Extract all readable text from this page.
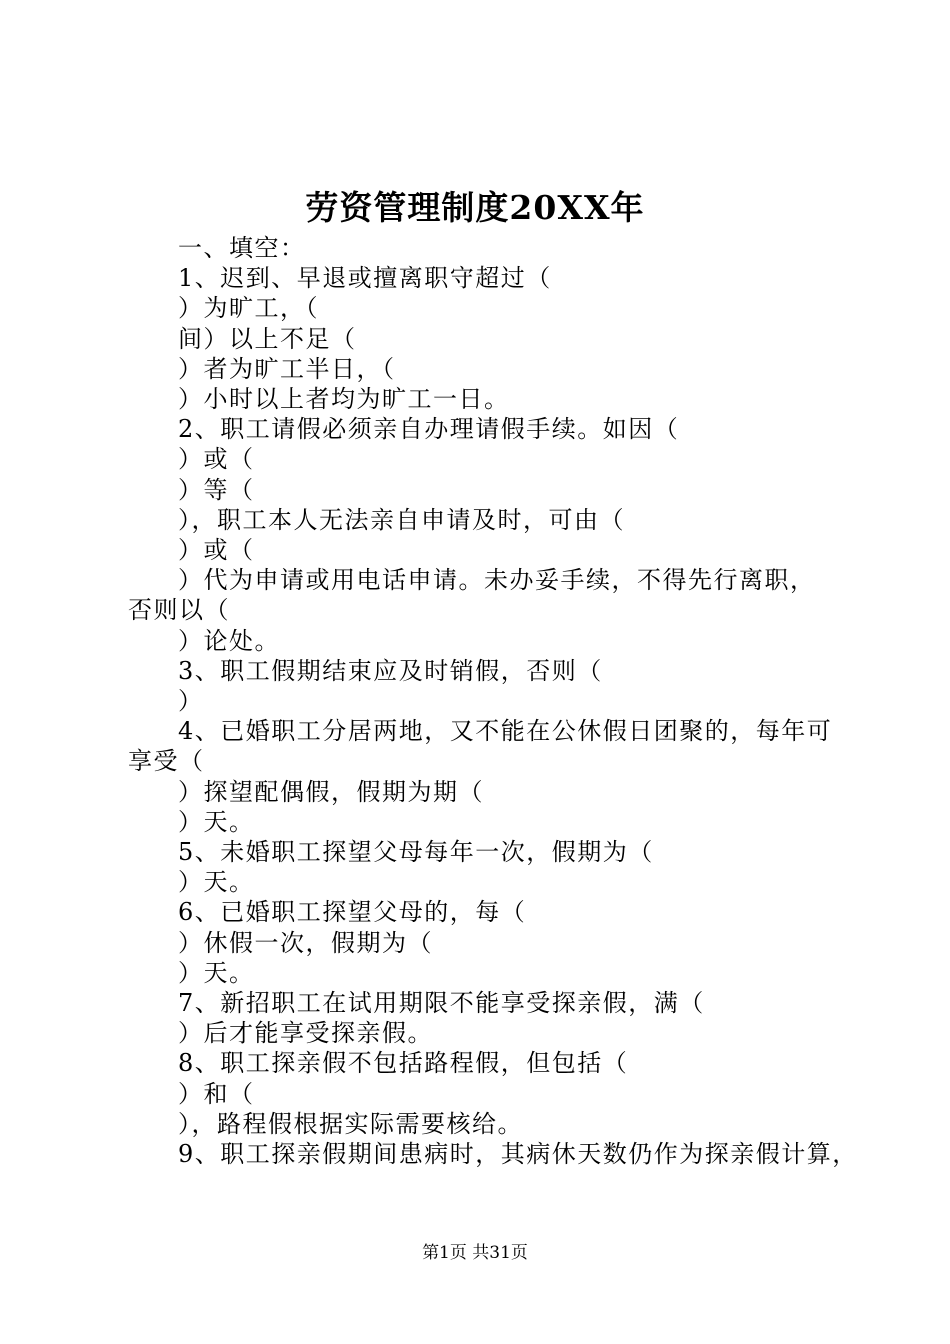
劳资管理制度20XX年
一、填空：
1、迟到、早退或擅离职守超过（
）为旷工，（
间）以上不足（
）者为旷工半日，（
）小时以上者均为旷工一日。
2、职工请假必须亲自办理请假手续。如因（
）或（
）等（
），职工本人无法亲自申请及时，可由（
）或（
）代为申请或用电话申请。未办妥手续，不得先行离职，
否则以（
）论处。
3、职工假期结束应及时销假，否则（
）
4、已婚职工分居两地，又不能在公休假日团聚的，每年可
享受（
）探望配偶假，假期为期（
）天。
5、未婚职工探望父母每年一次，假期为（
）天。
6、已婚职工探望父母的，每（
）休假一次，假期为（
）天。
7、新招职工在试用期限不能享受探亲假，满（
）后才能享受探亲假。
8、职工探亲假不包括路程假，但包括（
）和（
），路程假根据实际需要核给。
9、职工探亲假期间患病时，其病休天数仍作为探亲假计算，
第1页 共31页
